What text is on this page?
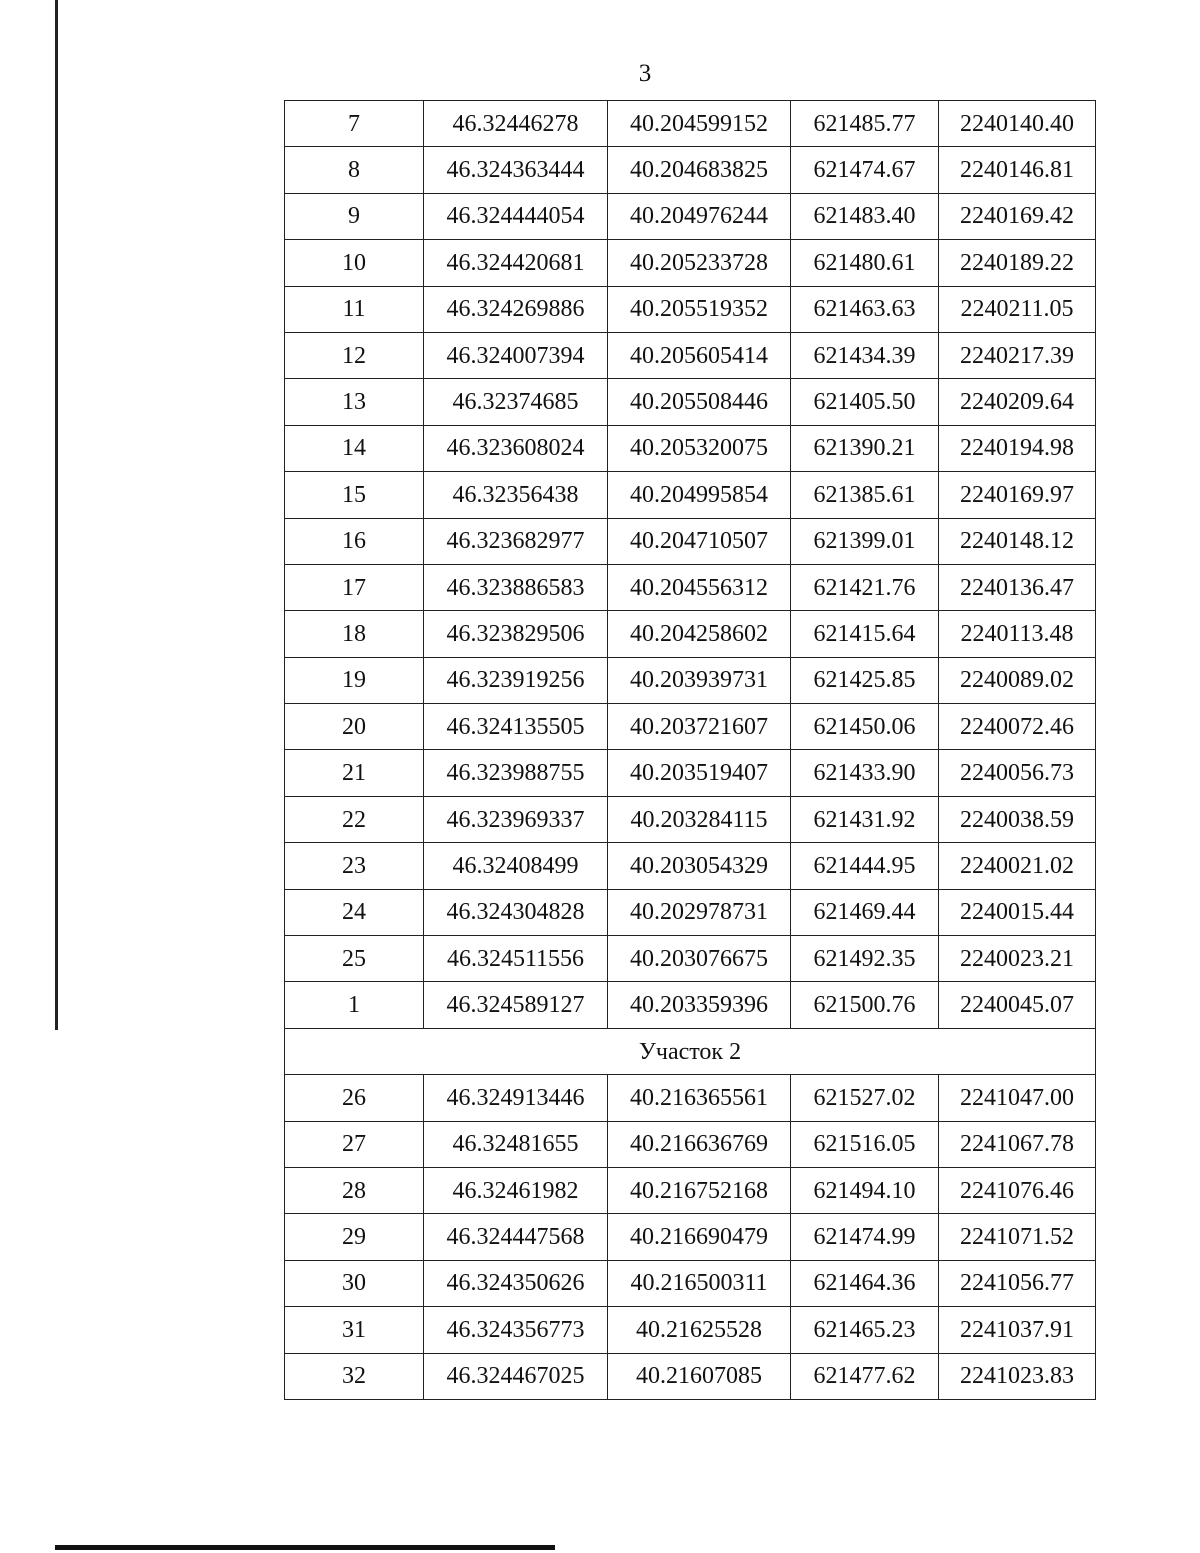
3
7	46.32446278	40.204599152	621485.77	2240140.40
8	46.324363444	40.204683825	621474.67	2240146.81
9	46.324444054	40.204976244	621483.40	2240169.42
10	46.324420681	40.205233728	621480.61	2240189.22
11	46.324269886	40.205519352	621463.63	2240211.05
12	46.324007394	40.205605414	621434.39	2240217.39
13	46.32374685	40.205508446	621405.50	2240209.64
14	46.323608024	40.205320075	621390.21	2240194.98
15	46.32356438	40.204995854	621385.61	2240169.97
16	46.323682977	40.204710507	621399.01	2240148.12
17	46.323886583	40.204556312	621421.76	2240136.47
18	46.323829506	40.204258602	621415.64	2240113.48
19	46.323919256	40.203939731	621425.85	2240089.02
20	46.324135505	40.203721607	621450.06	2240072.46
21	46.323988755	40.203519407	621433.90	2240056.73
22	46.323969337	40.203284115	621431.92	2240038.59
23	46.32408499	40.203054329	621444.95	2240021.02
24	46.324304828	40.202978731	621469.44	2240015.44
25	46.324511556	40.203076675	621492.35	2240023.21
1	46.324589127	40.203359396	621500.76	2240045.07
Участок 2				
26	46.324913446	40.216365561	621527.02	2241047.00
27	46.32481655	40.216636769	621516.05	2241067.78
28	46.32461982	40.216752168	621494.10	2241076.46
29	46.324447568	40.216690479	621474.99	2241071.52
30	46.324350626	40.216500311	621464.36	2241056.77
31	46.324356773	40.21625528	621465.23	2241037.91
32	46.324467025	40.21607085	621477.62	2241023.83
